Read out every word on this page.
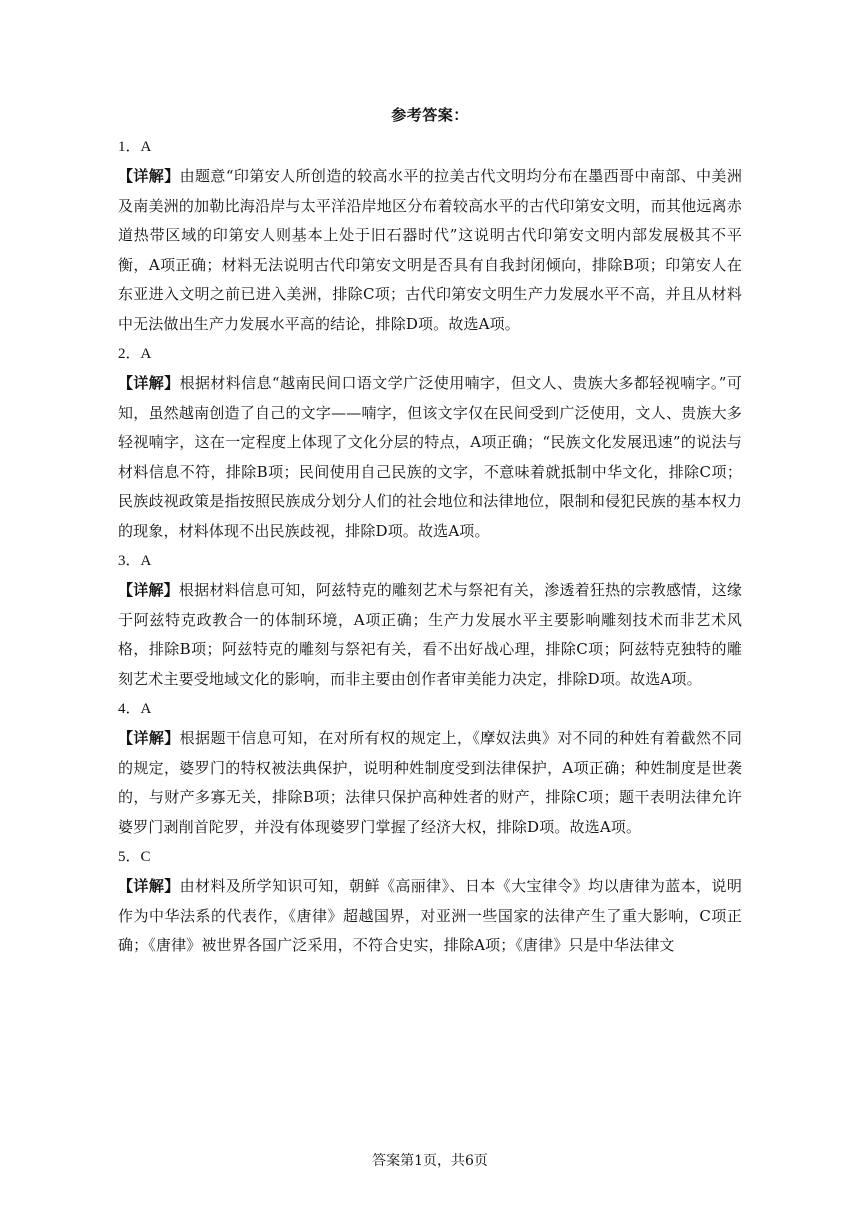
参考答案：
1．A

【详解】由题意“印第安人所创造的较高水平的拉美古代文明均分布在墨西哥中南部、中美洲及南美洲的加勒比海沿岸与太平洋沿岸地区分布着较高水平的古代印第安文明，而其他远离赤道热带区域的印第安人则基本上处于旧石器时代”这说明古代印第安文明内部发展极其不平衡，A项正确；材料无法说明古代印第安文明是否具有自我封闭倾向，排除B项；印第安人在东亚进入文明之前已进入美洲，排除C项；古代印第安文明生产力发展水平不高，并且从材料中无法做出生产力发展水平高的结论，排除D项。故选A项。

2．A

【详解】根据材料信息“越南民间口语文学广泛使用喃字，但文人、贵族大多都轻视喃字。”可知，虽然越南创造了自己的文字——喃字，但该文字仅在民间受到广泛使用，文人、贵族大多轻视喃字，这在一定程度上体现了文化分层的特点，A项正确；“民族文化发展迅速”的说法与材料信息不符，排除B项；民间使用自己民族的文字，不意味着就抵制中华文化，排除C项；民族歧视政策是指按照民族成分划分人们的社会地位和法律地位，限制和侵犯民族的基本权力的现象，材料体现不出民族歧视，排除D项。故选A项。

3．A

【详解】根据材料信息可知，阿兹特克的雕刻艺术与祭祀有关，渗透着狂热的宗教感情，这缘于阿兹特克政教合一的体制环境，A项正确；生产力发展水平主要影响雕刻技术而非艺术风格，排除B项；阿兹特克的雕刻与祭祀有关，看不出好战心理，排除C项；阿兹特克独特的雕刻艺术主要受地域文化的影响，而非主要由创作者审美能力决定，排除D项。故选A项。

4．A

【详解】根据题干信息可知，在对所有权的规定上，《摩奴法典》对不同的种姓有着截然不同的规定，婆罗门的特权被法典保护，说明种姓制度受到法律保护，A项正确；种姓制度是世袭的，与财产多寡无关，排除B项；法律只保护高种姓者的财产，排除C项；题干表明法律允许婆罗门剥削首陀罗，并没有体现婆罗门掌握了经济大权，排除D项。故选A项。

5．C

【详解】由材料及所学知识可知，朝鲜《高丽律》、日本《大宝律令》均以唐律为蓝本，说明作为中华法系的代表作，《唐律》超越国界，对亚洲一些国家的法律产生了重大影响，C项正确；《唐律》被世界各国广泛采用，不符合史实，排除A项；《唐律》只是中华法律文

答案第1页，共6页
